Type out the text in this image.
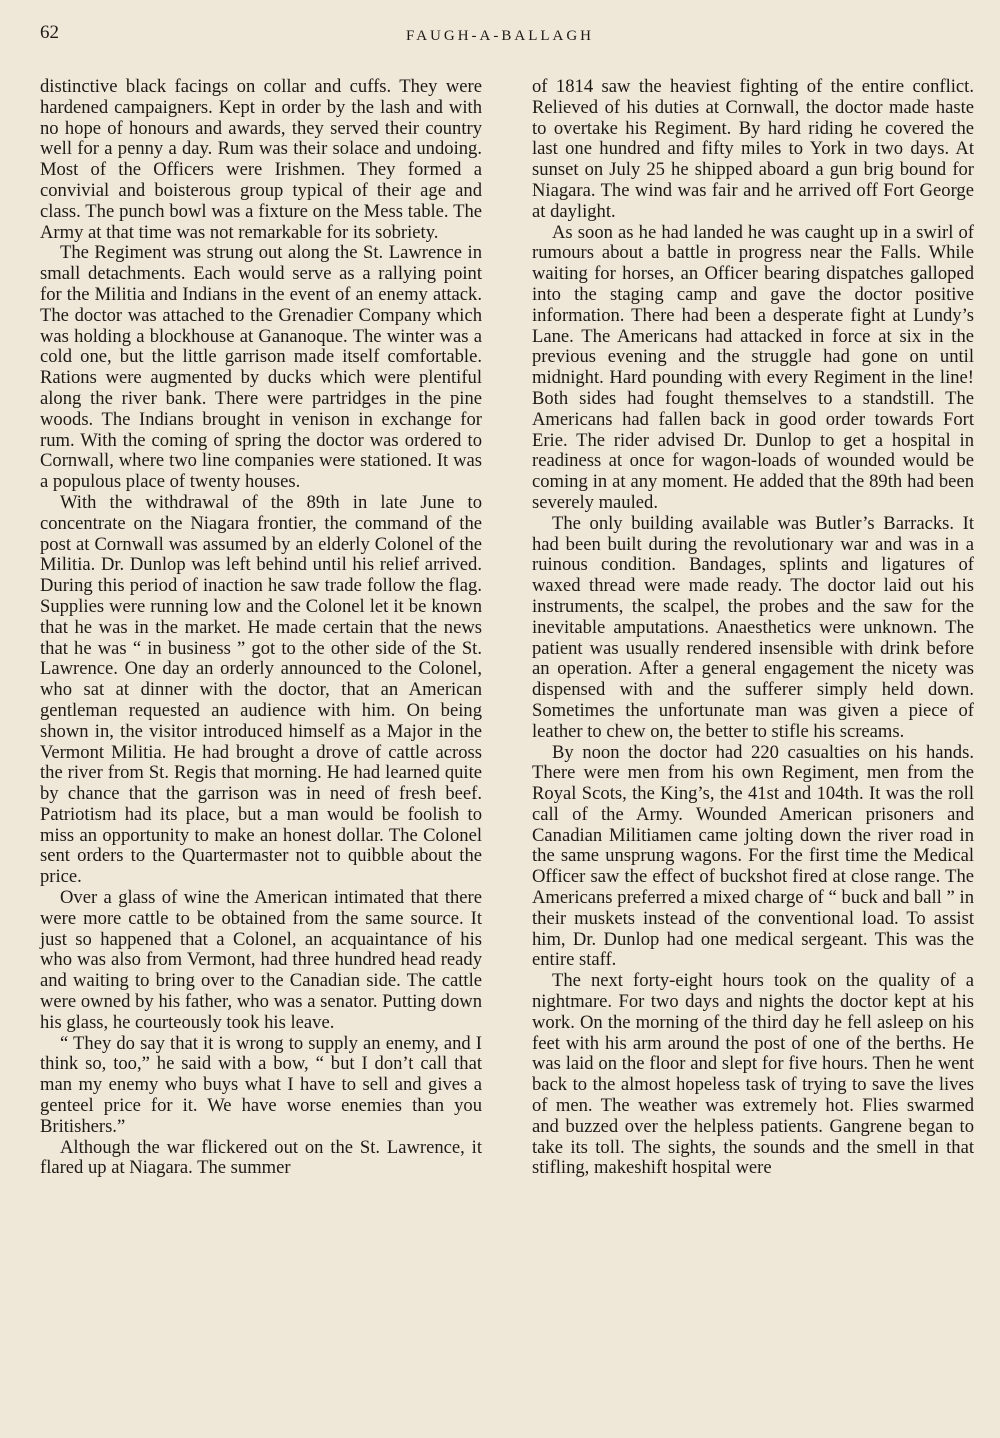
62	FAUGH-A-BALLAGH

distinctive black facings on collar and cuffs. They were hardened campaigners. Kept in order by the lash and with no hope of honours and awards, they served their country well for a penny a day. Rum was their solace and undoing. Most of the Officers were Irishmen. They formed a convivial and boisterous group typical of their age and class. The punch bowl was a fixture on the Mess table. The Army at that time was not remarkable for its sobriety.

The Regiment was strung out along the St. Lawrence in small detachments. Each would serve as a rallying point for the Militia and Indians in the event of an enemy attack. The doctor was attached to the Grenadier Company which was holding a blockhouse at Gananoque. The winter was a cold one, but the little garrison made itself comfortable. Rations were augmented by ducks which were plentiful along the river bank. There were partridges in the pine woods. The Indians brought in venison in exchange for rum. With the coming of spring the doctor was ordered to Cornwall, where two line companies were stationed. It was a populous place of twenty houses.

With the withdrawal of the 89th in late June to concentrate on the Niagara frontier, the command of the post at Cornwall was assumed by an elderly Colonel of the Militia. Dr. Dunlop was left behind until his relief arrived. During this period of inaction he saw trade follow the flag. Supplies were running low and the Colonel let it be known that he was in the market. He made certain that the news that he was “ in business ” got to the other side of the St. Lawrence. One day an orderly announced to the Colonel, who sat at dinner with the doctor, that an American gentleman requested an audience with him. On being shown in, the visitor introduced himself as a Major in the Vermont Militia. He had brought a drove of cattle across the river from St. Regis that morning. He had learned quite by chance that the garrison was in need of fresh beef. Patriotism had its place, but a man would be foolish to miss an opportunity to make an honest dollar. The Colonel sent orders to the Quartermaster not to quibble about the price.

Over a glass of wine the American intimated that there were more cattle to be obtained from the same source. It just so happened that a Colonel, an acquaintance of his who was also from Vermont, had three hundred head ready and waiting to bring over to the Canadian side. The cattle were owned by his father, who was a senator. Putting down his glass, he courteously took his leave.

“ They do say that it is wrong to supply an enemy, and I think so, too,” he said with a bow, “ but I don’t call that man my enemy who buys what I have to sell and gives a genteel price for it. We have worse enemies than you Britishers.”

Although the war flickered out on the St. Lawrence, it flared up at Niagara. The summer

of 1814 saw the heaviest fighting of the entire conflict. Relieved of his duties at Cornwall, the doctor made haste to overtake his Regiment. By hard riding he covered the last one hundred and fifty miles to York in two days. At sunset on July 25 he shipped aboard a gun brig bound for Niagara. The wind was fair and he arrived off Fort George at daylight.

As soon as he had landed he was caught up in a swirl of rumours about a battle in progress near the Falls. While waiting for horses, an Officer bearing dispatches galloped into the staging camp and gave the doctor positive information. There had been a desperate fight at Lundy’s Lane. The Americans had attacked in force at six in the previous evening and the struggle had gone on until midnight. Hard pounding with every Regiment in the line! Both sides had fought themselves to a standstill. The Americans had fallen back in good order towards Fort Erie. The rider advised Dr. Dunlop to get a hospital in readiness at once for wagon-loads of wounded would be coming in at any moment. He added that the 89th had been severely mauled.

The only building available was Butler’s Barracks. It had been built during the revolutionary war and was in a ruinous condition. Bandages, splints and ligatures of waxed thread were made ready. The doctor laid out his instruments, the scalpel, the probes and the saw for the inevitable amputations. Anaesthetics were unknown. The patient was usually rendered insensible with drink before an operation. After a general engagement the nicety was dispensed with and the sufferer simply held down. Sometimes the unfortunate man was given a piece of leather to chew on, the better to stifle his screams.

By noon the doctor had 220 casualties on his hands. There were men from his own Regiment, men from the Royal Scots, the King’s, the 41st and 104th. It was the roll call of the Army. Wounded American prisoners and Canadian Militiamen came jolting down the river road in the same unsprung wagons. For the first time the Medical Officer saw the effect of buckshot fired at close range. The Americans preferred a mixed charge of “ buck and ball ” in their muskets instead of the conventional load. To assist him, Dr. Dunlop had one medical sergeant. This was the entire staff.

The next forty-eight hours took on the quality of a nightmare. For two days and nights the doctor kept at his work. On the morning of the third day he fell asleep on his feet with his arm around the post of one of the berths. He was laid on the floor and slept for five hours. Then he went back to the almost hopeless task of trying to save the lives of men. The weather was extremely hot. Flies swarmed and buzzed over the helpless patients. Gangrene began to take its toll. The sights, the sounds and the smell in that stifling, makeshift hospital were
